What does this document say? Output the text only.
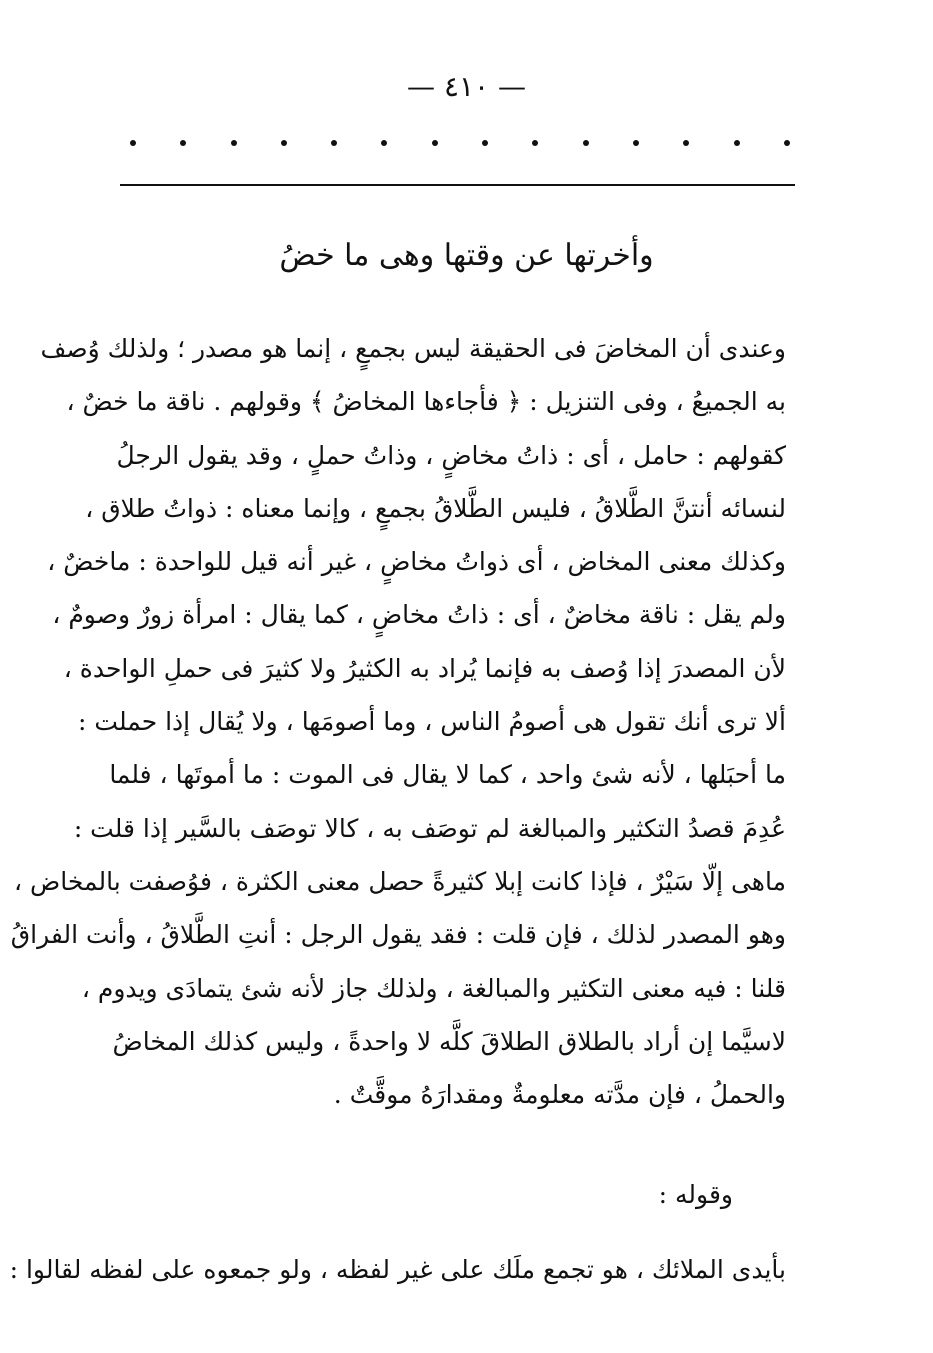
— ٤١٠ —
وأخرتها عن وقتها وهى ما خضُ
وعندى أن المخاضَ فى الحقيقة ليس بجمعٍ ، إنما هو مصدر ؛ ولذلك وُصف
به الجميعُ ، وفى التنزيل : ﴿ فأجاءها المخاضُ ﴾ وقولهم . ناقة ما خضٌ ،
كقولهم : حامل ، أى : ذاتُ مخاضٍ ، وذاتُ حملٍ ، وقد يقول الرجلُ
لنسائه أنتنَّ الطَّلاقُ ، فليس الطَّلاقُ بجمعٍ ، وإنما معناه : ذواتُ طلاق ،
وكذلك معنى المخاض ، أى ذواتُ مخاضٍ ، غير أنه قيل للواحدة : ماخضٌ ،
ولم يقل : ناقة مخاضٌ ، أى : ذاتُ مخاضٍ ، كما يقال : امرأة زورٌ وصومٌ ،
لأن المصدرَ إذا وُصف به فإنما يُراد به الكثيرُ ولا كثيرَ فى حملِ الواحدة ،
ألا ترى أنك تقول هى أصومُ الناس ، وما أصومَها ، ولا يُقال إذا حملت :
ما أحبَلها ، لأنه شئ واحد ، كما لا يقال فى الموت : ما أموتَها ، فلما
عُدِمَ قصدُ التكثير والمبالغة لم توصَف به ، كالا توصَف بالسَّير إذا قلت :
ماهى إلّا سَيْرٌ ، فإذا كانت إبلا كثيرةً حصل معنى الكثرة ، فوُصفت بالمخاض ،
وهو المصدر لذلك ، فإن قلت : فقد يقول الرجل : أنتِ الطَّلاقُ ، وأنت الفراقُ
قلنا : فيه معنى التكثير والمبالغة ، ولذلك جاز لأنه شئ يتمادَى ويدوم ،
لاسيَّما إن أراد بالطلاق الطلاقَ كلَّه لا واحدةً ، وليس كذلك المخاضُ
والحملُ ، فإن مدَّته معلومةٌ ومقدارَهُ موقَّتٌ .
وقوله :
بأيدى الملائك ، هو تجمع ملَك على غير لفظه ، ولو جمعوه على لفظه لقالوا :
